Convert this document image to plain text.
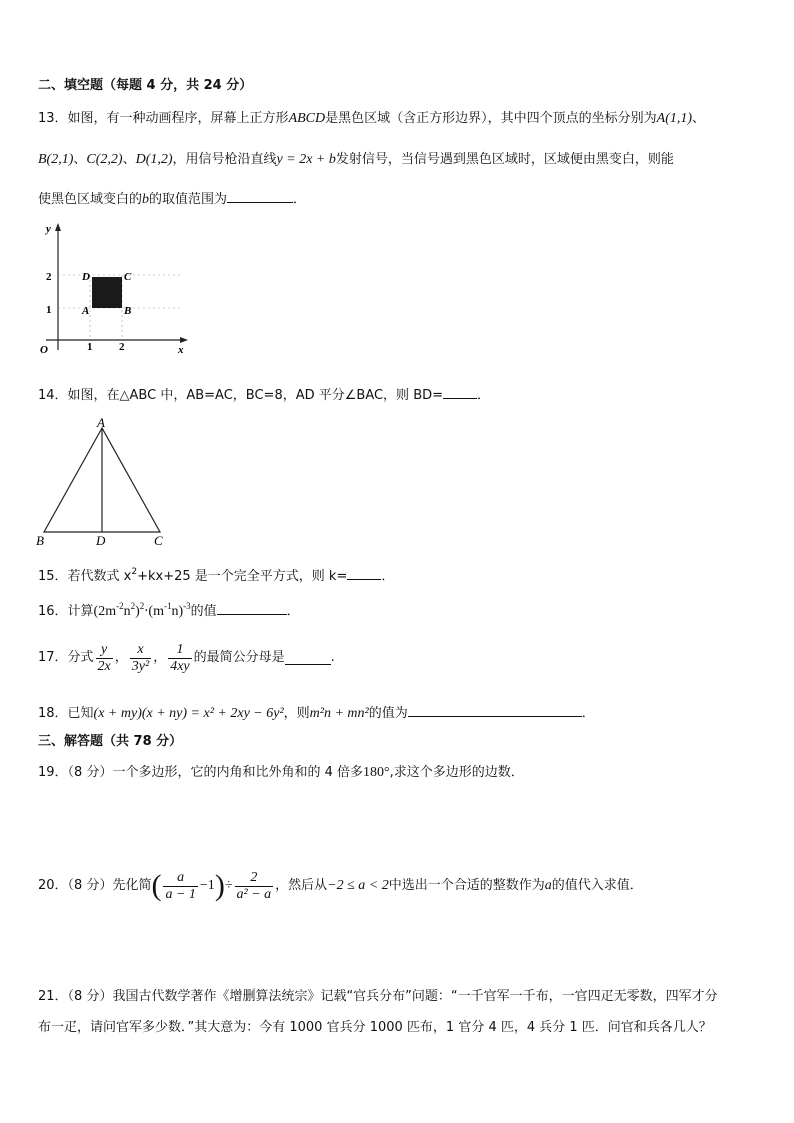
二、填空题（每题 4 分，共 24 分）
13．如图，有一种动画程序，屏幕上正方形ABCD是黑色区域（含正方形边界），其中四个顶点的坐标分别为A(1,1)、
B(2,1)、C(2,2)、D(1,2)，用信号枪沿直线y = 2x + b发射信号，当信号遇到黑色区域时，区域便由黑变白，则能
使黑色区域变白的b的取值范围为	．
y
x
O
2
1
1 2
D	C
A	B
14．如图，在△ABC 中，AB=AC，BC=8，AD 平分∠BAC，则 BD=	．
A
B	C
D
15．若代数式 $x^2+kx+25$ 是一个完全平方式，则 k=	．
16．计算$(2m^{-2}n^2)^2\cdot(m^{-1}n)^{-3}$的值	．
17．分式 $\frac{y}{2x}$ ， $\frac{x}{\text{3y²}}$ ， $\frac{1}{4xy}$ 的最简公分母是	.
18．已知(x + my)(x + ny) = x² + 2xy − 6y²，则m²n + mn²的值为	．
三、解答题（共 78 分）
19．（8 分）一个多边形，它的内角和比外角和的 4 倍多180°,求这个多边形的边数．
20．（8 分）先化简 ( $\frac{a}{a - 1} -1$ ) ÷ $\frac{2}{\text{a² − a}}$ ，然后从 −2 ≤ a < 2 中选出一个合适的整数作为 a 的值代入求值．
21．（8 分）我国古代数学著作《增删算法统宗》记载“官兵分布”问题：“一千官军一千布，一官四疋无零数，四军才分
布一疋，请问官军多少数．”其大意为：今有 1000 官兵分 1000 匹布，1 官分 4 匹，4 兵分 1 匹．问官和兵各几人？
